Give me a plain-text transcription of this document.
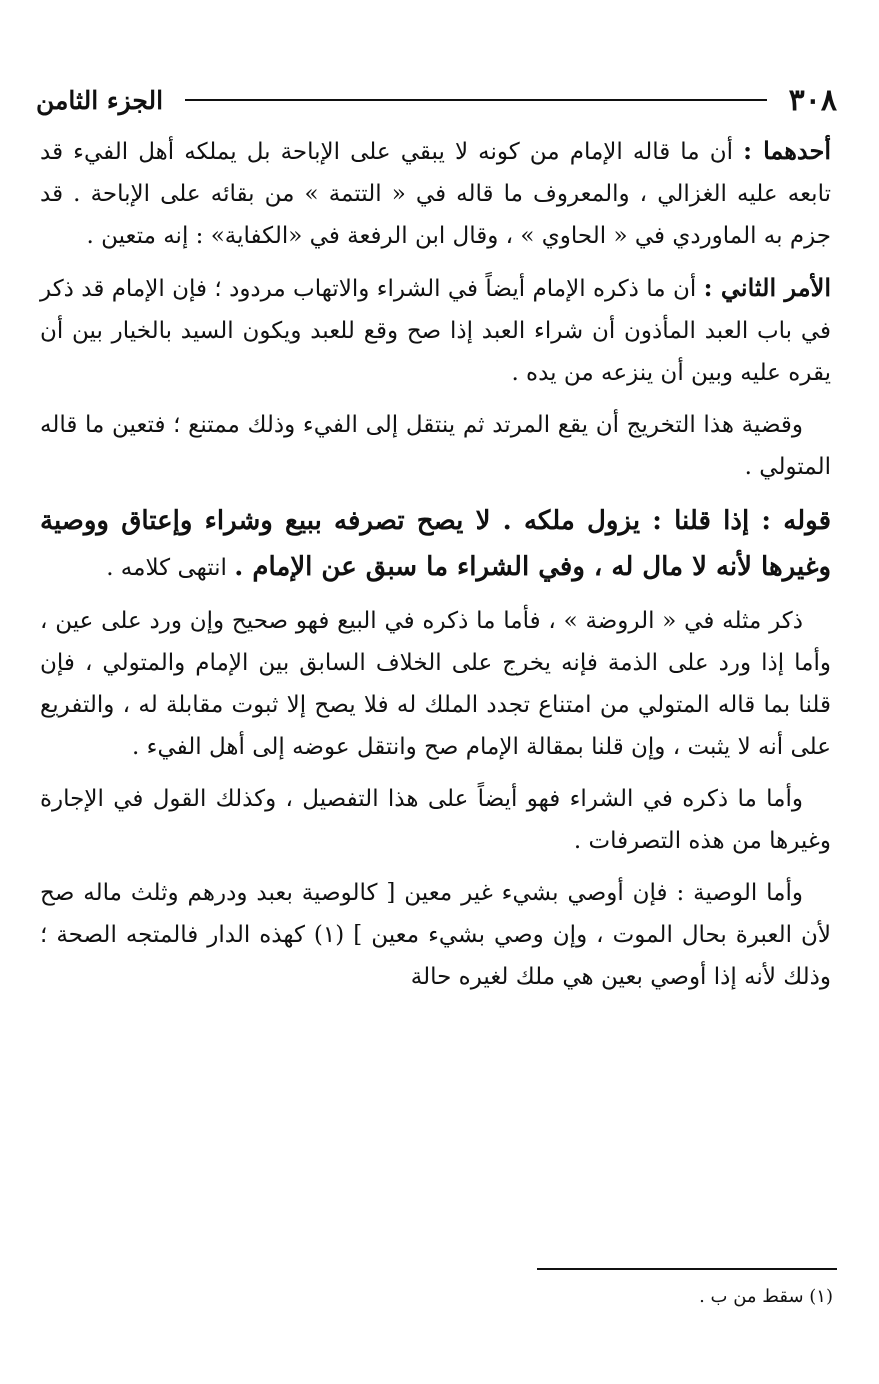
٣٠٨
الجزء الثامن

أحدهما : أن ما قاله الإمام من كونه لا يبقي على الإباحة بل يملكه أهل الفيء قد تابعه عليه الغزالي ، والمعروف ما قاله في « التتمة » من بقائه على الإباحة . قد جزم به الماوردي في « الحاوي » ، وقال ابن الرفعة في «الكفاية» : إنه متعين .

الأمر الثاني : أن ما ذكره الإمام أيضاً في الشراء والاتهاب مردود ؛ فإن الإمام قد ذكر في باب العبد المأذون أن شراء العبد إذا صح وقع للعبد ويكون السيد بالخيار بين أن يقره عليه وبين أن ينزعه من يده .

وقضية هذا التخريج أن يقع المرتد ثم ينتقل إلى الفيء وذلك ممتنع ؛ فتعين ما قاله المتولي .

قوله : إذا قلنا : يزول ملكه . لا يصح تصرفه ببيع وشراء وإعتاق ووصية وغيرها لأنه لا مال له ، وفي الشراء ما سبق عن الإمام . انتهى كلامه .

ذكر مثله في « الروضة » ، فأما ما ذكره في البيع فهو صحيح وإن ورد على عين ، وأما إذا ورد على الذمة فإنه يخرج على الخلاف السابق بين الإمام والمتولي ، فإن قلنا بما قاله المتولي من امتناع تجدد الملك له فلا يصح إلا ثبوت مقابلة له ، والتفريع على أنه لا يثبت ، وإن قلنا بمقالة الإمام صح وانتقل عوضه إلى أهل الفيء .

وأما ما ذكره في الشراء فهو أيضاً على هذا التفصيل ، وكذلك القول في الإجارة وغيرها من هذه التصرفات .

وأما الوصية : فإن أوصي بشيء غير معين [ كالوصية بعبد ودرهم وثلث ماله صح لأن العبرة بحال الموت ، وإن وصي بشيء معين ] (١) كهذه الدار فالمتجه الصحة ؛ وذلك لأنه إذا أوصي بعين هي ملك لغيره حالة

(١) سقط من ب .
